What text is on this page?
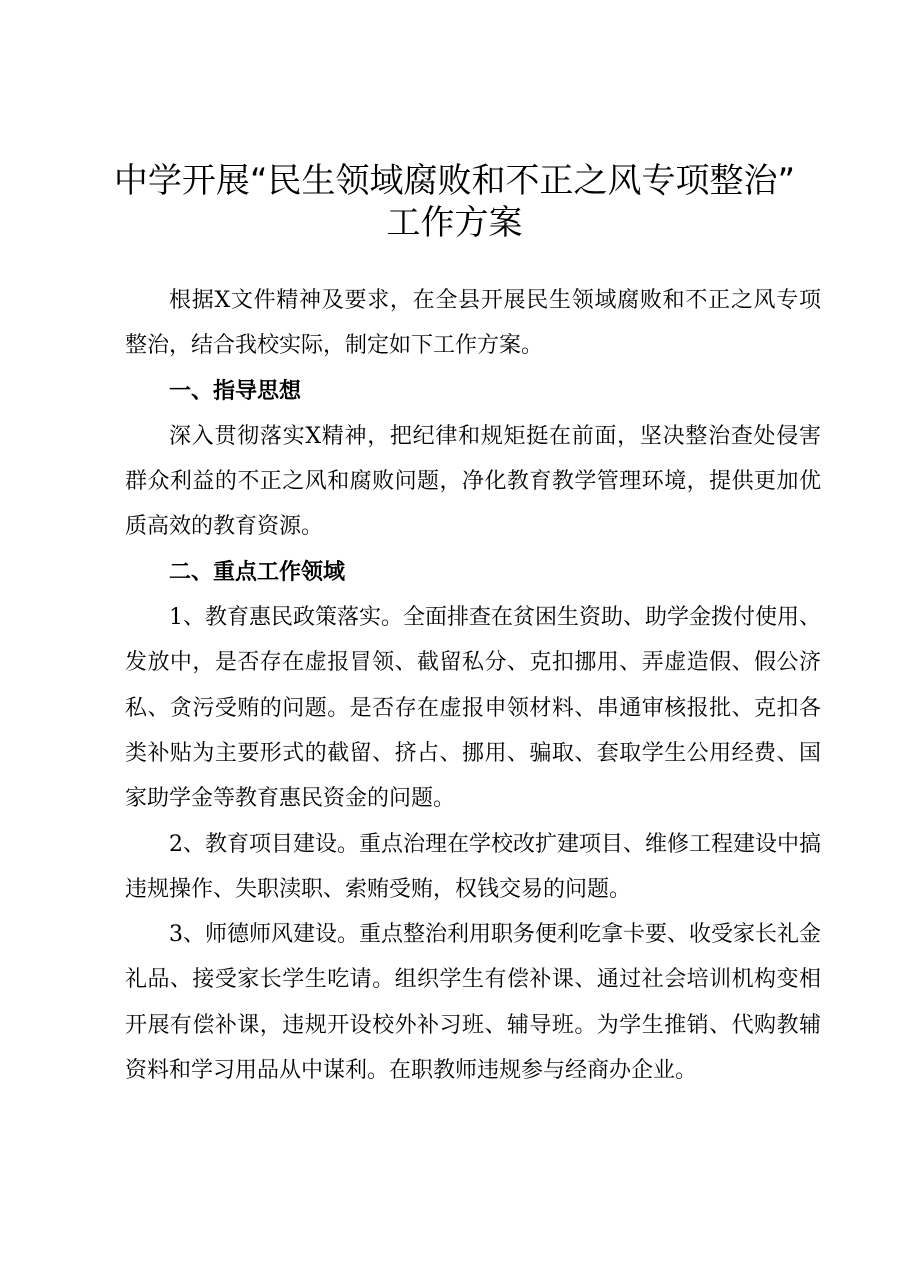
中学开展“民生领域腐败和不正之风专项整治”
工作方案

根据X文件精神及要求，在全县开展民生领域腐败和不正之风专项整治，结合我校实际，制定如下工作方案。

一、指导思想

深入贯彻落实X精神，把纪律和规矩挺在前面，坚决整治查处侵害群众利益的不正之风和腐败问题，净化教育教学管理环境，提供更加优质高效的教育资源。

二、重点工作领域

1、教育惠民政策落实。全面排查在贫困生资助、助学金拨付使用、发放中，是否存在虚报冒领、截留私分、克扣挪用、弄虚造假、假公济私、贪污受贿的问题。是否存在虚报申领材料、串通审核报批、克扣各类补贴为主要形式的截留、挤占、挪用、骗取、套取学生公用经费、国家助学金等教育惠民资金的问题。

2、教育项目建设。重点治理在学校改扩建项目、维修工程建设中搞违规操作、失职渎职、索贿受贿，权钱交易的问题。

3、师德师风建设。重点整治利用职务便利吃拿卡要、收受家长礼金礼品、接受家长学生吃请。组织学生有偿补课、通过社会培训机构变相开展有偿补课，违规开设校外补习班、辅导班。为学生推销、代购教辅资料和学习用品从中谋利。在职教师违规参与经商办企业。
